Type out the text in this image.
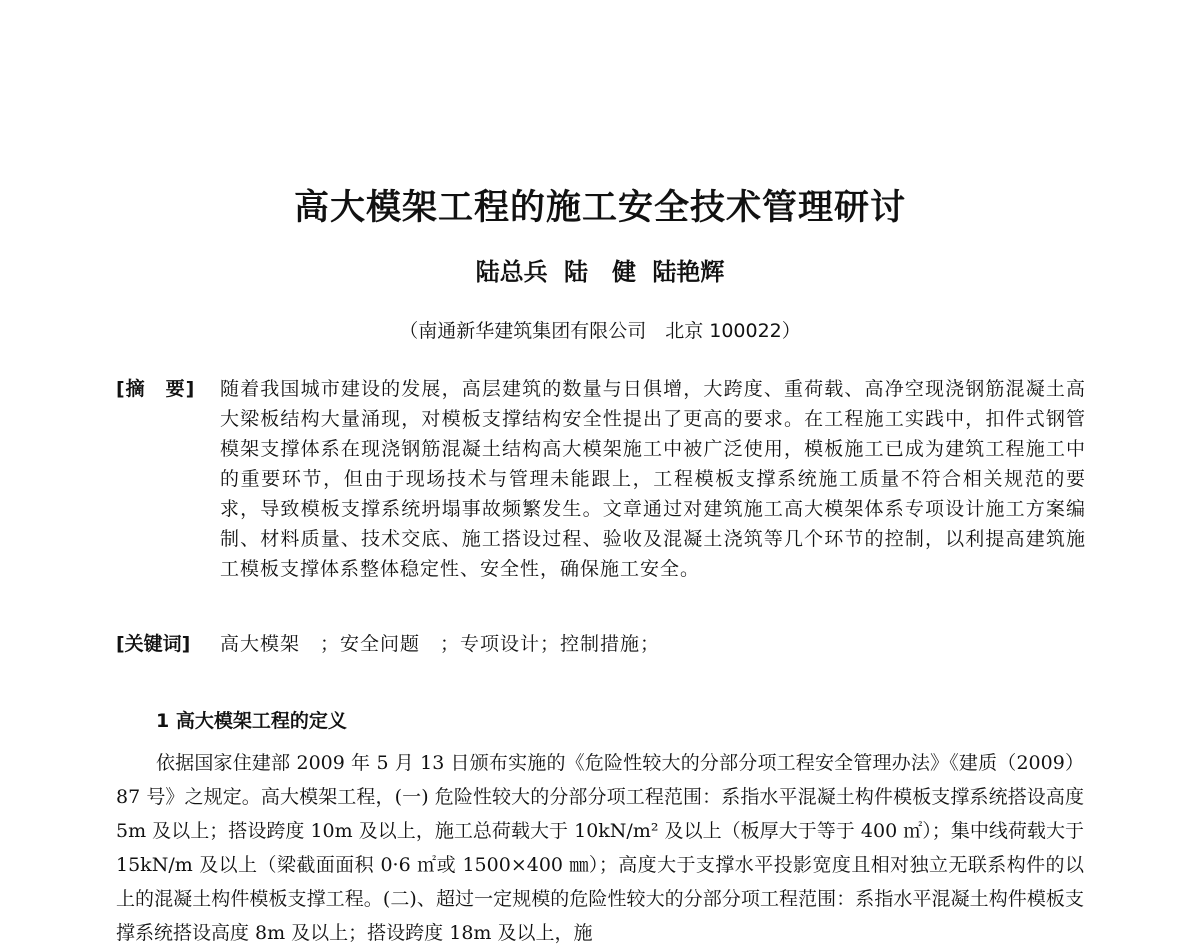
高大模架工程的施工安全技术管理研讨
陆总兵 陆　健 陆艳辉
（南通新华建筑集团有限公司　北京 100022）
[摘　要] 随着我国城市建设的发展，高层建筑的数量与日俱增，大跨度、重荷载、高净空现浇钢筋混凝土高大梁板结构大量涌现，对模板支撑结构安全性提出了更高的要求。在工程施工实践中，扣件式钢管模架支撑体系在现浇钢筋混凝土结构高大模架施工中被广泛使用，模板施工已成为建筑工程施工中的重要环节，但由于现场技术与管理未能跟上，工程模板支撑系统施工质量不符合相关规范的要求，导致模板支撑系统坍塌事故频繁发生。文章通过对建筑施工高大模架体系专项设计施工方案编制、材料质量、技术交底、施工搭设过程、验收及混凝土浇筑等几个环节的控制，以利提高建筑施工模板支撑体系整体稳定性、安全性，确保施工安全。
[关键词] 高大模架　；安全问题　；专项设计；控制措施；
1 高大模架工程的定义
依据国家住建部 2009 年 5 月 13 日颁布实施的《危险性较大的分部分项工程安全管理办法》《建质（2009）87 号》之规定。高大模架工程，(一) 危险性较大的分部分项工程范围：系指水平混凝土构件模板支撑系统搭设高度 5m 及以上；搭设跨度 10m 及以上，施工总荷载大于 10kN/m² 及以上（板厚大于等于 400 ㎡）；集中线荷载大于 15kN/m 及以上（梁截面面积 0·6 ㎡或 1500×400 ㎜）；高度大于支撑水平投影宽度且相对独立无联系构件的以上的混凝土构件模板支撑工程。(二)、超过一定规模的危险性较大的分部分项工程范围：系指水平混凝土构件模板支撑系统搭设高度 8m 及以上；搭设跨度 18m 及以上，施
